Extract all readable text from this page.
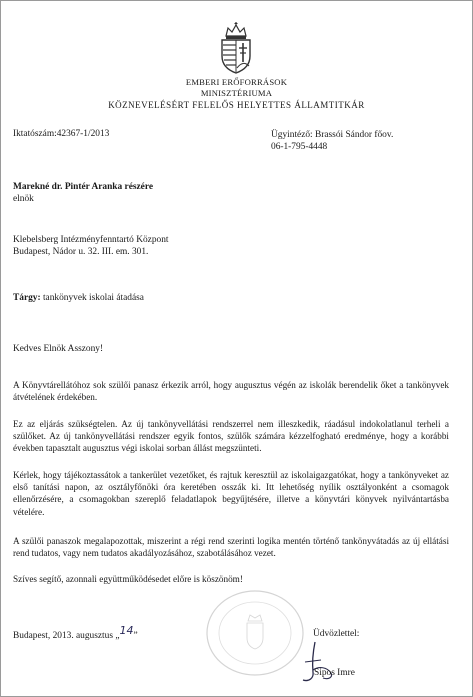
EMBERI ERŐFORRÁSOK
MINISZTÉRIUMA
KÖZNEVELÉSÉRT FELELŐS HELYETTES ÁLLAMTITKÁR
Iktatószám:42367-1/2013	Ügyintéző: Brassói Sándor főov.
06-1-795-4448
Marekné dr. Pintér Aranka részére
elnök
Klebelsberg Intézményfenntartó Központ
Budapest, Nádor u. 32. III. em. 301.
Tárgy: tankönyvek iskolai átadása
Kedves Elnök Asszony!
A Könyvtárellátóhoz sok szülői panasz érkezik arról, hogy augusztus végén az iskolák berendelik őket a tankönyvek átvételének érdekében.
Ez az eljárás szükségtelen. Az új tankönyvellátási rendszerrel nem illeszkedik, ráadásul indokolatlanul terheli a szülőket. Az új tankönyvellátási rendszer egyik fontos, szülők számára kézzelfogható eredménye, hogy a korábbi években tapasztalt augusztus végi iskolai sorban állást megszünteti.
Kérlek, hogy tájékoztassátok a tankerület vezetőket, és rajtuk keresztül az iskolaigazgatókat, hogy a tankönyveket az első tanítási napon, az osztályfőnöki óra keretében osszák ki. Itt lehetőség nyílik osztályonként a csomagok ellenőrzésére, a csomagokban szereplő feladatlapok begyűjtésére, illetve a könyvtári könyvek nyilvántartásba vételére.
A szülői panaszok megalapozottak, miszerint a régi rend szerinti logika mentén történő tankönyvátadás az új ellátási rend tudatos, vagy nem tudatos akadályozásához, szabotálásához vezet.
Szíves segítő, azonnali együttműködésedet előre is köszönöm!
Budapest, 2013. augusztus „14”	Üdvözlettel:
Sipos Imre
